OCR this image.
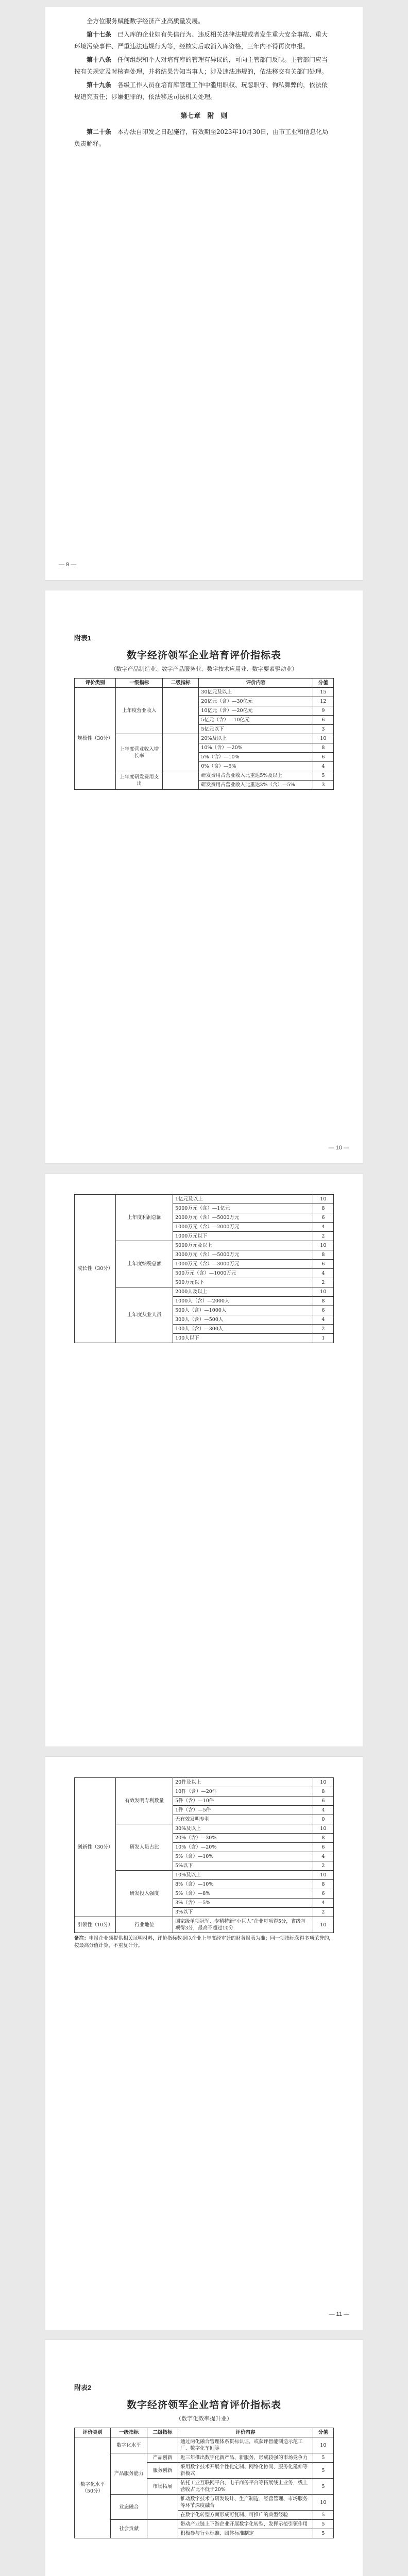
全方位服务赋能数字经济产业高质量发展。

第十七条　 已入库的企业如有失信行为、违反相关法律法规或者发生重大安全事故、重大环境污染事件、严重违法违规行为等，经核实后取消入库资格，三年内不得再次申报。

第十八条　 任何组织和个人对培育库的管理有异议的，可向主管部门反映。主管部门应当按有关规定及时核查处理，并将结果告知当事人；涉及违法违规的，依法移交有关部门处理。

第十九条　 各级工作人员在培育库管理工作中滥用职权、玩忽职守、徇私舞弊的，依法依规追究责任；涉嫌犯罪的，依法移送司法机关处理。

第七章　附　则

第二十条　 本办法自印发之日起施行，有效期至2023年10月30日，由市工业和信息化局负责解释。

— 9 —
附表1
数字经济领军企业培育评价指标表
（数字产品制造业、数字产品服务业、数字技术应用业、数字要素驱动业）
评价类别	一级指标	二级指标	评价内容	分值
规模性（30分）	上年度营业收入		30亿元及以上	15
			20亿元（含）—30亿元	12
			10亿元（含）—20亿元	9
			5亿元（含）—10亿元	6
			5亿元以下	3
	上年度营业收入增长率		20%及以上	10
			10%（含）—20%	8
			5%（含）—10%	6
			0%（含）—5%	4
	上年度研发费用支出		研发费用占营业收入比重达5%及以上	5
			研发费用占营业收入比重达3%（含）—5%	3
— 10 —
成长性（30分）	上年度利润总额	1亿元及以上	10
		5000万元（含）—1亿元	8
		2000万元（含）—5000万元	6
		1000万元（含）—2000万元	4
		1000万元以下	2
	上年度纳税总额	5000万元及以上	10
		3000万元（含）—5000万元	8
		1000万元（含）—3000万元	6
		500万元（含）—1000万元	4
		500万元以下	2
	上年度从业人员	2000人及以上	10
		1000人（含）—2000人	8
		500人（含）—1000人	6
		300人（含）—500人	4
		100人（含）—300人	2
		100人以下	1
创新性（30分）	有效发明专利数量	20件及以上	10
		10件（含）—20件	8
		5件（含）—10件	6
		1件（含）—5件	4
		无有效发明专利	0
	研发人员占比	30%及以上	10
		20%（含）—30%	8
		10%（含）—20%	6
		5%（含）—10%	4
		5%以下	2
	研发投入强度	10%及以上	10
		8%（含）—10%	8
		5%（含）—8%	6
		3%（含）—5%	4
		3%以下	2
引领性（10分）	行业地位	国家级单项冠军、专精特新“小巨人”企业每项得5分，省级每项得3分，最高不超过10分	10
备注：申报企业须提供相关证明材料，评价指标数据以企业上年度经审计的财务报表为准；同一项指标获得多项荣誉的，按最高分值计算，不重复计分。
— 11 —
附表2
数字经济领军企业培育评价指标表
（数字化效率提升业）
评价类别	一级指标	二级指标	评价内容	分值
数字化水平（50分）	数字化水平		通过两化融合管理体系贯标认证，或获评智能制造示范工厂、数字化车间等	10
	产品服务能力	产品创新	近三年推出数字化新产品、新服务，形成较强的市场竞争力	5
		服务创新	采用数字技术开展个性化定制、网络化协同、服务化延伸等新模式	5
		市场拓展	依托工业互联网平台、电子商务平台等拓展线上业务，线上营收占比不低于20%	5
	业态融合		推动数字技术与研发设计、生产制造、经营管理、市场服务等环节深度融合	10
			在数字化转型方面形成可复制、可推广的典型经验	5
	社会贡献		带动产业链上下游企业开展数字化转型，发挥示范引领作用	5
			积极参与行业标准、团体标准制定	5
